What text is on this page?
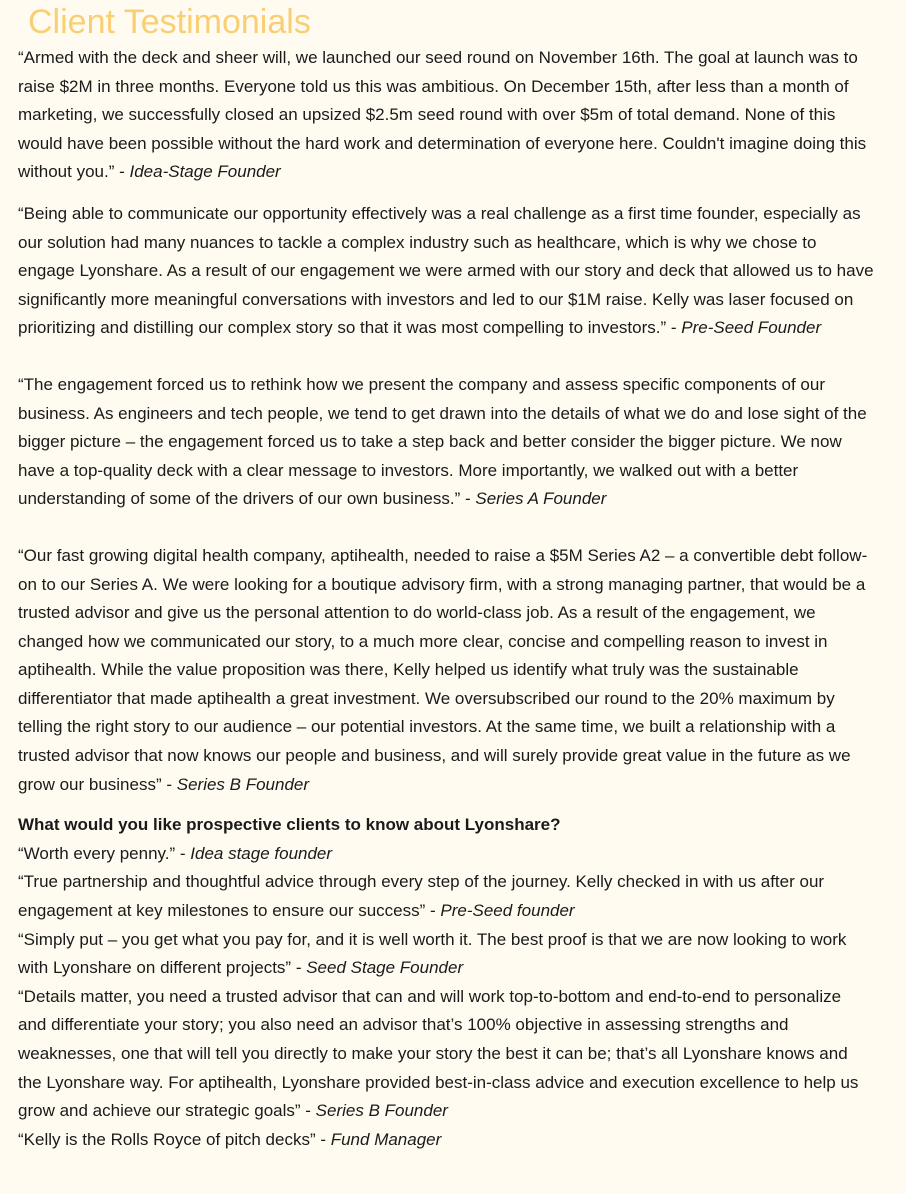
Client Testimonials

“Armed with the deck and sheer will, we launched our seed round on November 16th. The goal at launch was to raise $2M in three months. Everyone told us this was ambitious. On December 15th, after less than a month of marketing, we successfully closed an upsized $2.5m seed round with over $5m of total demand. None of this would have been possible without the hard work and determination of everyone here. Couldn't imagine doing this without you.” - Idea-Stage Founder

“Being able to communicate our opportunity effectively was a real challenge as a first time founder, especially as our solution had many nuances to tackle a complex industry such as healthcare, which is why we chose to engage Lyonshare. As a result of our engagement we were armed with our story and deck that allowed us to have significantly more meaningful conversations with investors and led to our $1M raise. Kelly was laser focused on prioritizing and distilling our complex story so that it was most compelling to investors.” - Pre-Seed Founder

“The engagement forced us to rethink how we present the company and assess specific components of our business. As engineers and tech people, we tend to get drawn into the details of what we do and lose sight of the bigger picture – the engagement forced us to take a step back and better consider the bigger picture. We now have a top-quality deck with a clear message to investors. More importantly, we walked out with a better understanding of some of the drivers of our own business.” - Series A Founder

“Our fast growing digital health company, aptihealth, needed to raise a $5M Series A2 – a convertible debt follow-on to our Series A. We were looking for a boutique advisory firm, with a strong managing partner, that would be a trusted advisor and give us the personal attention to do world-class job. As a result of the engagement, we changed how we communicated our story, to a much more clear, concise and compelling reason to invest in aptihealth. While the value proposition was there, Kelly helped us identify what truly was the sustainable differentiator that made aptihealth a great investment. We oversubscribed our round to the 20% maximum by telling the right story to our audience – our potential investors. At the same time, we built a relationship with a trusted advisor that now knows our people and business, and will surely provide great value in the future as we grow our business” - Series B Founder

What would you like prospective clients to know about Lyonshare?

“Worth every penny.” - Idea stage founder

“True partnership and thoughtful advice through every step of the journey. Kelly checked in with us after our engagement at key milestones to ensure our success” - Pre-Seed founder

“Simply put – you get what you pay for, and it is well worth it. The best proof is that we are now looking to work with Lyonshare on different projects” - Seed Stage Founder

“Details matter, you need a trusted advisor that can and will work top-to-bottom and end-to-end to personalize and differentiate your story; you also need an advisor that’s 100% objective in assessing strengths and weaknesses, one that will tell you directly to make your story the best it can be; that’s all Lyonshare knows and the Lyonshare way. For aptihealth, Lyonshare provided best-in-class advice and execution excellence to help us grow and achieve our strategic goals” - Series B Founder

“Kelly is the Rolls Royce of pitch decks” - Fund Manager
